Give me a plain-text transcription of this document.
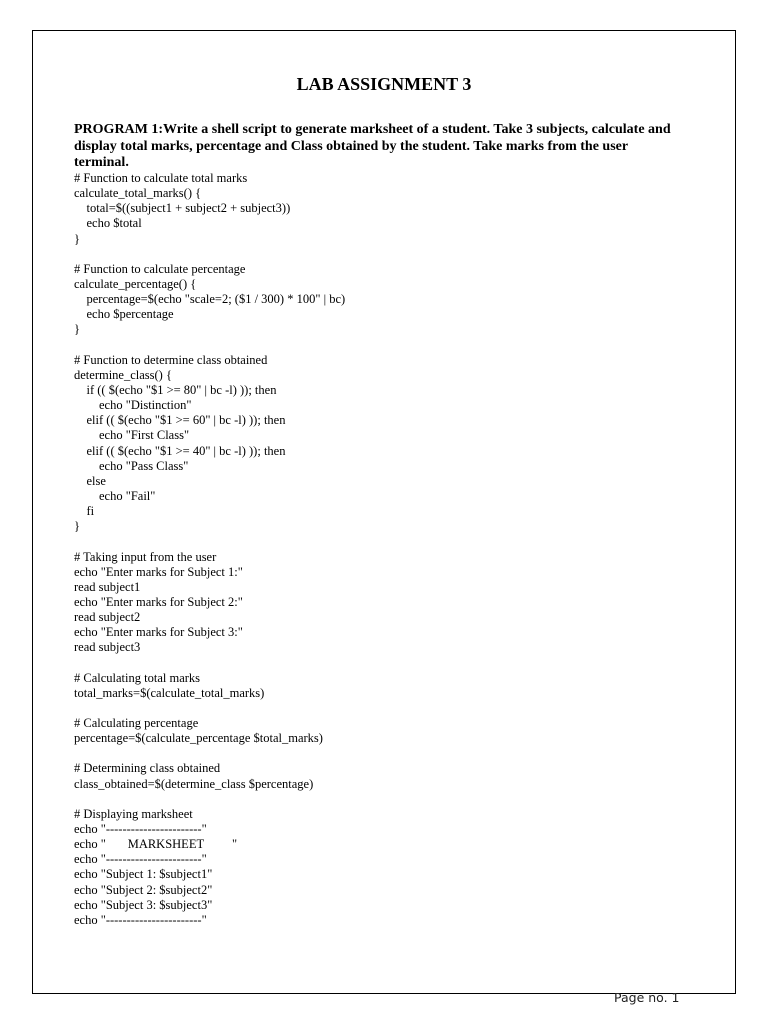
LAB ASSIGNMENT 3

PROGRAM 1:Write a shell script to generate marksheet of a student. Take 3 subjects, calculate and display total marks, percentage and Class obtained by the student. Take marks from the user terminal.

# Function to calculate total marks
calculate_total_marks() {
total=$((subject1 + subject2 + subject3))
echo $total
}
# Function to calculate percentage
calculate_percentage() {
percentage=$(echo "scale=2; ($1 / 300) * 100" | bc)
echo $percentage
}
# Function to determine class obtained
determine_class() {
if (( $(echo "$1 >= 80" | bc -l) )); then
echo "Distinction"
elif (( $(echo "$1 >= 60" | bc -l) )); then
echo "First Class"
elif (( $(echo "$1 >= 40" | bc -l) )); then
echo "Pass Class"
else
echo "Fail"
fi
}
# Taking input from the user
echo "Enter marks for Subject 1:"
read subject1
echo "Enter marks for Subject 2:"
read subject2
echo "Enter marks for Subject 3:"
read subject3
# Calculating total marks
total_marks=$(calculate_total_marks)
# Calculating percentage
percentage=$(calculate_percentage $total_marks)
# Determining class obtained
class_obtained=$(determine_class $percentage)
# Displaying marksheet
echo "-----------------------"
echo "       MARKSHEET         "
echo "-----------------------"
echo "Subject 1: $subject1"
echo "Subject 2: $subject2"
echo "Subject 3: $subject3"
echo "-----------------------"
Page no. 1
